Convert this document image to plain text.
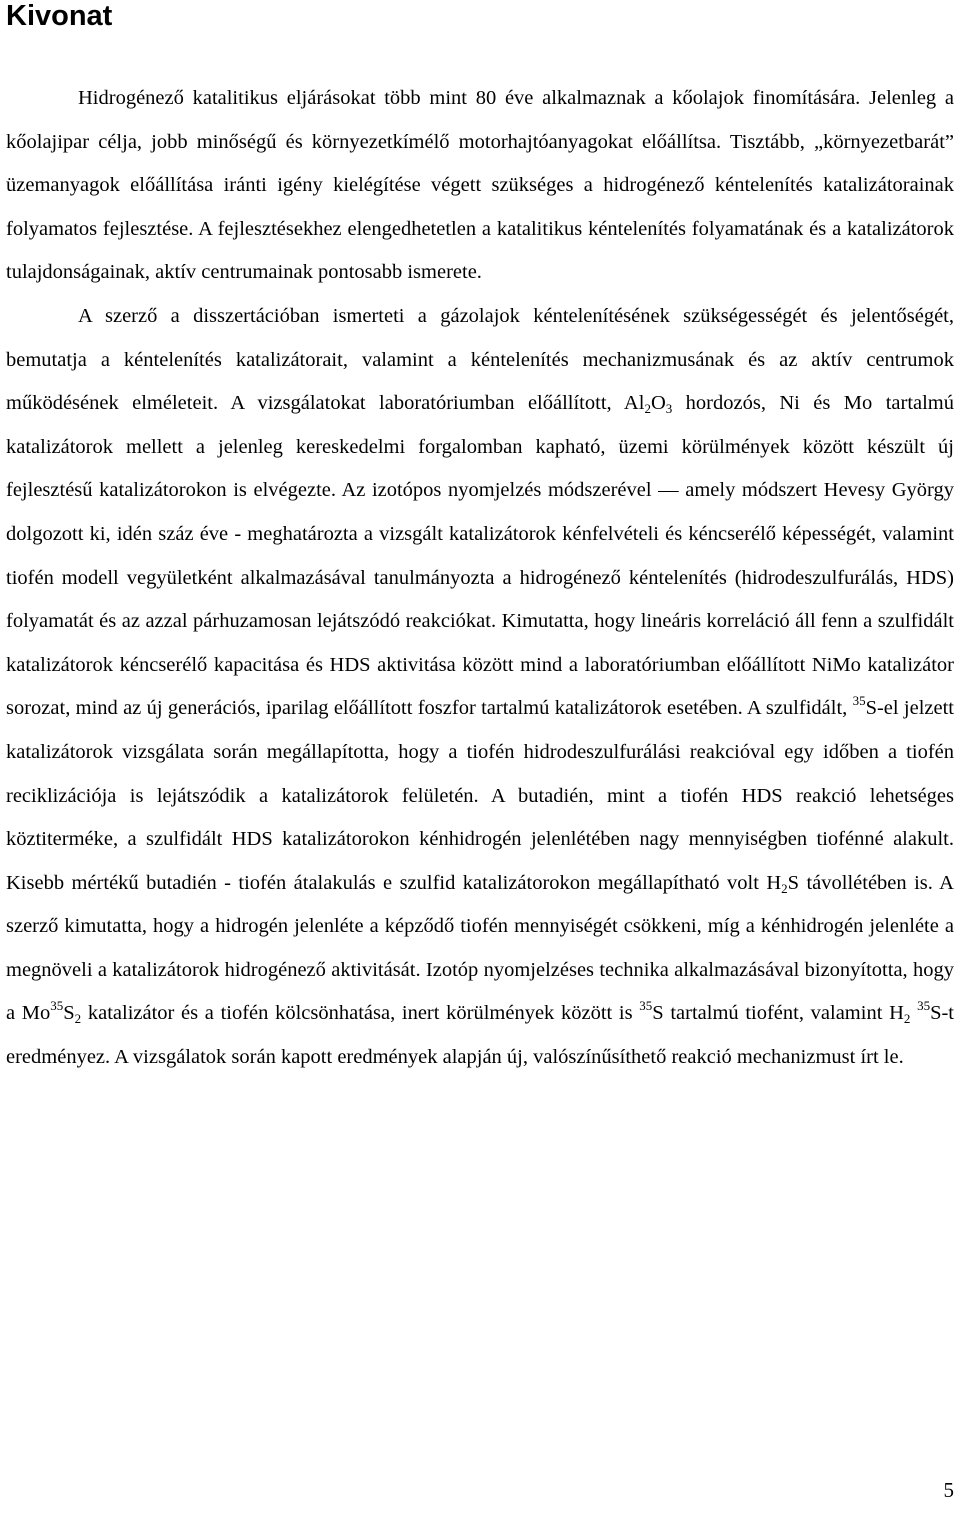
Kivonat

Hidrogénező katalitikus eljárásokat több mint 80 éve alkalmaznak a kőolajok finomítására. Jelenleg a kőolajipar célja, jobb minőségű és környezetkímélő motorhajtóanyagokat előállítsa. Tisztább, „környezetbarát” üzemanyagok előállítása iránti igény kielégítése végett szükséges a hidrogénező kéntelenítés katalizátorainak folyamatos fejlesztése. A fejlesztésekhez elengedhetetlen a katalitikus kéntelenítés folyamatának és a katalizátorok tulajdonságainak, aktív centrumainak pontosabb ismerete.

A szerző a disszertációban ismerteti a gázolajok kéntelenítésének szükségességét és jelentőségét, bemutatja a kéntelenítés katalizátorait, valamint a kéntelenítés mechanizmusának és az aktív centrumok működésének elméleteit. A vizsgálatokat laboratóriumban előállított, $Al_2O_3$ hordozós, Ni és Mo tartalmú katalizátorok mellett a jelenleg kereskedelmi forgalomban kapható, üzemi körülmények között készült új fejlesztésű katalizátorokon is elvégezte. Az izotópos nyomjelzés módszerével — amely módszert Hevesy György dolgozott ki, idén száz éve - meghatározta a vizsgált katalizátorok kénfelvételi és kéncserélő képességét, valamint tiofén modell vegyületként alkalmazásával tanulmányozta a hidrogénező kéntelenítés (hidrodeszulfurálás, HDS) folyamatát és az azzal párhuzamosan lejátszódó reakciókat. Kimutatta, hogy lineáris korreláció áll fenn a szulfidált katalizátorok kéncserélő kapacitása és HDS aktivitása között mind a laboratóriumban előállított NiMo katalizátor sorozat, mind az új generációs, iparilag előállított foszfor tartalmú katalizátorok esetében. A szulfidált, $^{35}$S-el jelzett katalizátorok vizsgálata során megállapította, hogy a tiofén hidrodeszulfurálási reakcióval egy időben a tiofén reciklizációja is lejátszódik a katalizátorok felületén. A butadién, mint a tiofén HDS reakció lehetséges köztiterméke, a szulfidált HDS katalizátorokon kénhidrogén jelenlétében nagy mennyiségben tiofénné alakult. Kisebb mértékű butadién - tiofén átalakulás e szulfid katalizátorokon megállapítható volt $H_2S$ távollétében is. A szerző kimutatta, hogy a hidrogén jelenléte a képződő tiofén mennyiségét csökkeni, míg a kénhidrogén jelenléte a megnöveli a katalizátorok hidrogénező aktivitását. Izotóp nyomjelzéses technika alkalmazásával bizonyította, hogy a $Mo^{35}S_2$ katalizátor és a tiofén kölcsönhatása, inert körülmények között is $^{35}$S tartalmú tiofént, valamint $H_2$ $^{35}$S-t eredményez. A vizsgálatok során kapott eredmények alapján új, valószínűsíthető reakció mechanizmust írt le.

5
